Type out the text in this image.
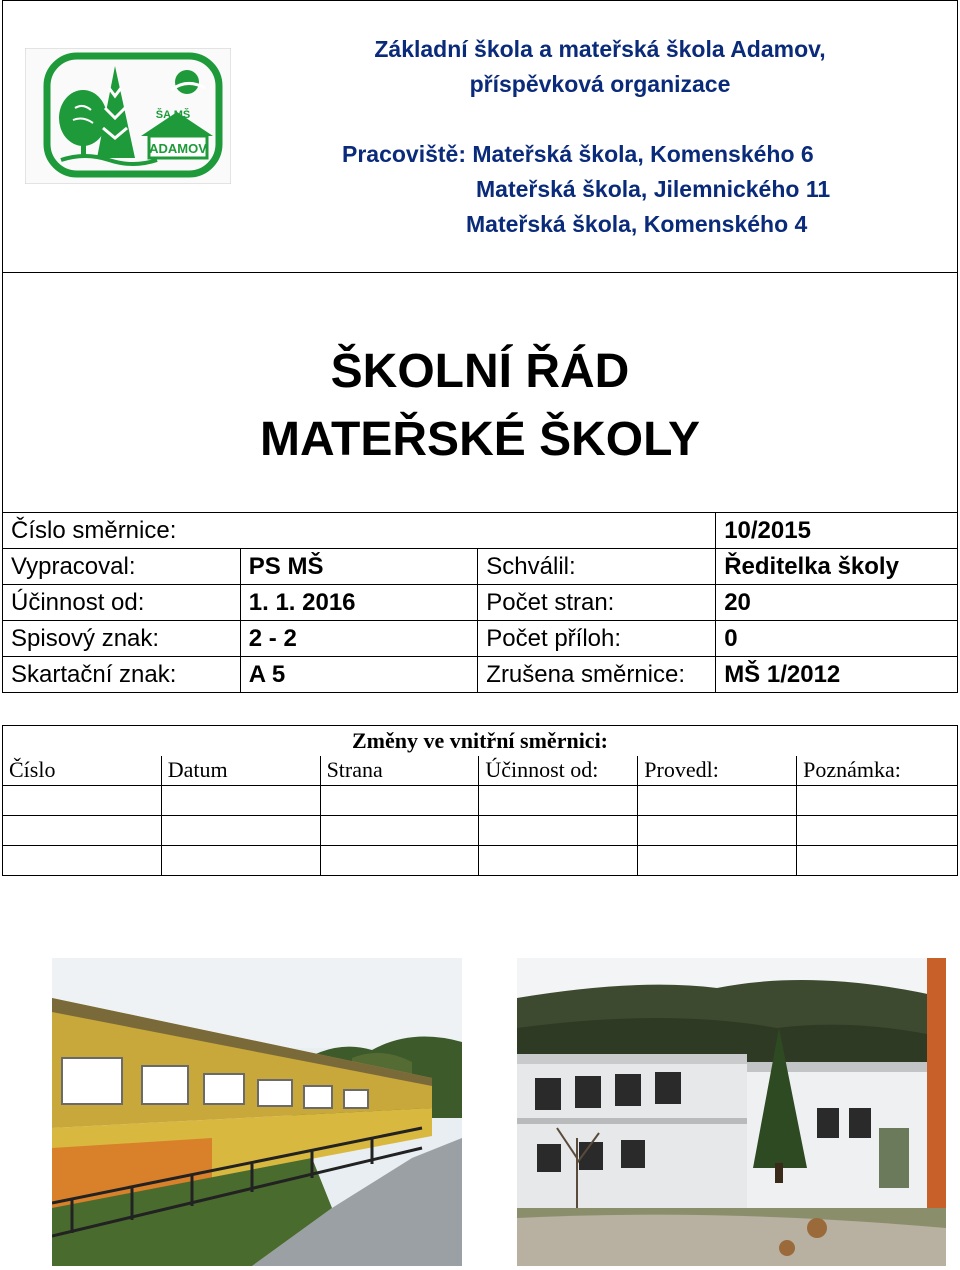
ADAMOV
ŠA MŠ
Základní škola a mateřská škola Adamov,
příspěvková organizace
Pracoviště: Mateřská škola, Komenského 6
Mateřská škola, Jilemnického 11
Mateřská škola, Komenského 4
ŠKOLNÍ ŘÁD
MATEŘSKÉ ŠKOLY
Číslo směrnice:			10/2015
Vypracoval:	PS MŠ	Schválil:	Ředitelka školy
Účinnost od:	1. 1. 2016	Počet stran:	20
Spisový znak:	2 - 2	Počet příloh:	0
Skartační znak:	A 5	Zrušena směrnice:	MŠ 1/2012
Změny ve vnitřní směrnici:					
Číslo	Datum	Strana	Účinnost od:	Provedl:	Poznámka:
